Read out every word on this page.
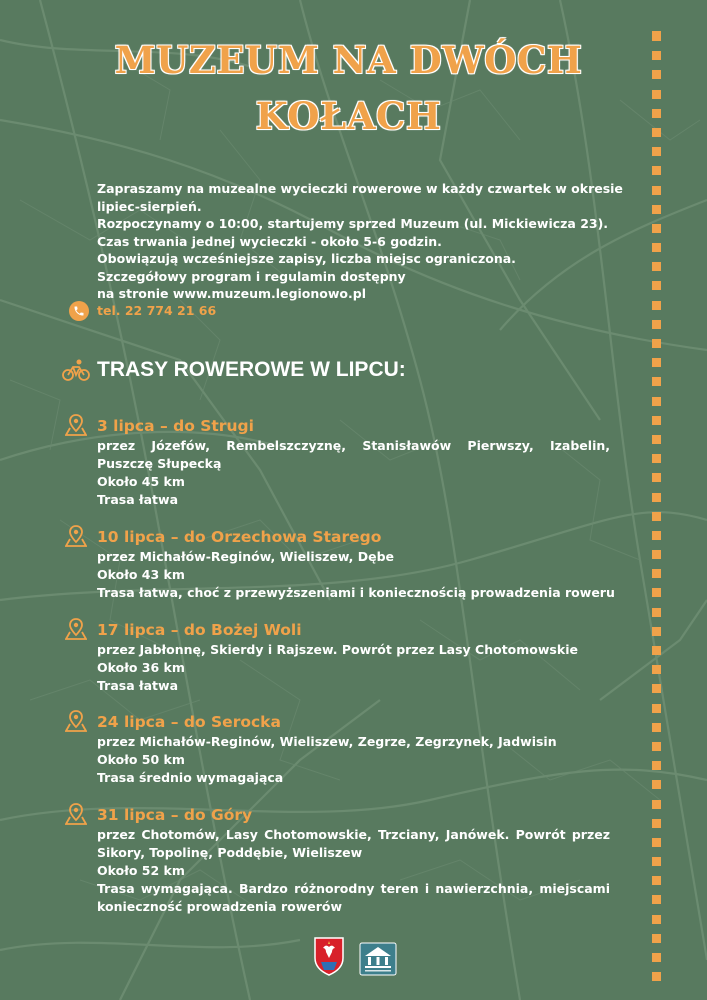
MUZEUM NA DWÓCH
KOŁACH
Zapraszamy na muzealne wycieczki rowerowe w każdy czwartek w okresie
lipiec-sierpień.
Rozpoczynamy o 10:00, startujemy sprzed Muzeum (ul. Mickiewicza 23).
Czas trwania jednej wycieczki - około 5-6 godzin.
Obowiązują wcześniejsze zapisy, liczba miejsc ograniczona.
Szczegółowy program i regulamin dostępny
na stronie www.muzeum.legionowo.pl
tel. 22 774 21 66
TRASY ROWEROWE W LIPCU:
3 lipca – do Strugi

przez Józefów, Rembelszczyznę, Stanisławów Pierwszy, Izabelin, Puszczę Słupecką

Około 45 km

Trasa łatwa

10 lipca – do Orzechowa Starego

przez Michałów-Reginów, Wieliszew, Dębe

Około 43 km

Trasa łatwa, choć z przewyższeniami i koniecznością prowadzenia roweru

17 lipca – do Bożej Woli

przez Jabłonnę, Skierdy i Rajszew. Powrót przez Lasy Chotomowskie

Około 36 km

Trasa łatwa

24 lipca – do Serocka

przez Michałów-Reginów, Wieliszew, Zegrze, Zegrzynek, Jadwisin

Około 50 km

Trasa średnio wymagająca

31 lipca – do Góry

przez Chotomów, Lasy Chotomowskie, Trzciany, Janówek. Powrót przez Sikory, Topolinę, Poddębie, Wieliszew

Około 52 km

Trasa wymagająca. Bardzo różnorodny teren i nawierzchnia, miejscami konieczność prowadzenia rowerów
